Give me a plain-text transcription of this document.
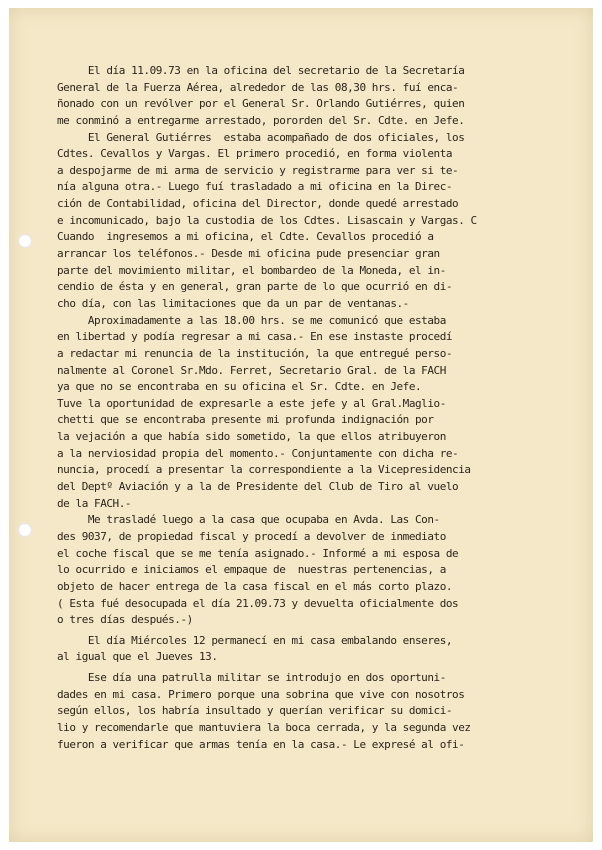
El día 11.09.73 en la oficina del secretario de la Secretaría
General de la Fuerza Aérea, alrededor de las 08,30 hrs. fuí enca-
ñonado con un revólver por el General Sr. Orlando Gutiérres, quien
me conminó a entregarme arrestado, pororden del Sr. Cdte. en Jefe.
El General Gutiérres  estaba acompañado de dos oficiales, los
Cdtes. Cevallos y Vargas. El primero procedió, en forma violenta
a despojarme de mi arma de servicio y registrarme para ver si te-
nía alguna otra.- Luego fuí trasladado a mi oficina en la Direc-
ción de Contabilidad, oficina del Director, donde quedé arrestado
e incomunicado, bajo la custodia de los Cdtes. Lisascain y Vargas. C
Cuando  ingresemos a mi oficina, el Cdte. Cevallos procedió a
arrancar los teléfonos.- Desde mi oficina pude presenciar gran
parte del movimiento militar, el bombardeo de la Moneda, el in-
cendio de ésta y en general, gran parte de lo que ocurrió en di-
cho día, con las limitaciones que da un par de ventanas.-
Aproximadamente a las 18.00 hrs. se me comunicó que estaba
en libertad y podía regresar a mi casa.- En ese instaste procedí
a redactar mi renuncia de la institución, la que entregué perso-
nalmente al Coronel Sr.Mdo. Ferret, Secretario Gral. de la FACH
ya que no se encontraba en su oficina el Sr. Cdte. en Jefe.
Tuve la oportunidad de expresarle a este jefe y al Gral.Maglio-
chetti que se encontraba presente mi profunda indignación por
la vejación a que había sido sometido, la que ellos atribuyeron
a la nerviosidad propia del momento.- Conjuntamente con dicha re-
nuncia, procedí a presentar la correspondiente a la Vicepresidencia
del Deptº Aviación y a la de Presidente del Club de Tiro al vuelo
de la FACH.-
Me trasladé luego a la casa que ocupaba en Avda. Las Con-
des 9037, de propiedad fiscal y procedí a devolver de inmediato
el coche fiscal que se me tenía asignado.- Informé a mi esposa de
lo ocurrido e iniciamos el empaque de  nuestras pertenencias, a
objeto de hacer entrega de la casa fiscal en el más corto plazo.
( Esta fué desocupada el día 21.09.73 y devuelta oficialmente dos
o tres días después.-)
El día Miércoles 12 permanecí en mi casa embalando enseres,
al igual que el Jueves 13.
Ese día una patrulla militar se introdujo en dos oportuni-
dades en mi casa. Primero porque una sobrina que vive con nosotros
según ellos, los habría insultado y querían verificar su domici-
lio y recomendarle que mantuviera la boca cerrada, y la segunda vez
fueron a verificar que armas tenía en la casa.- Le expresé al ofi-
